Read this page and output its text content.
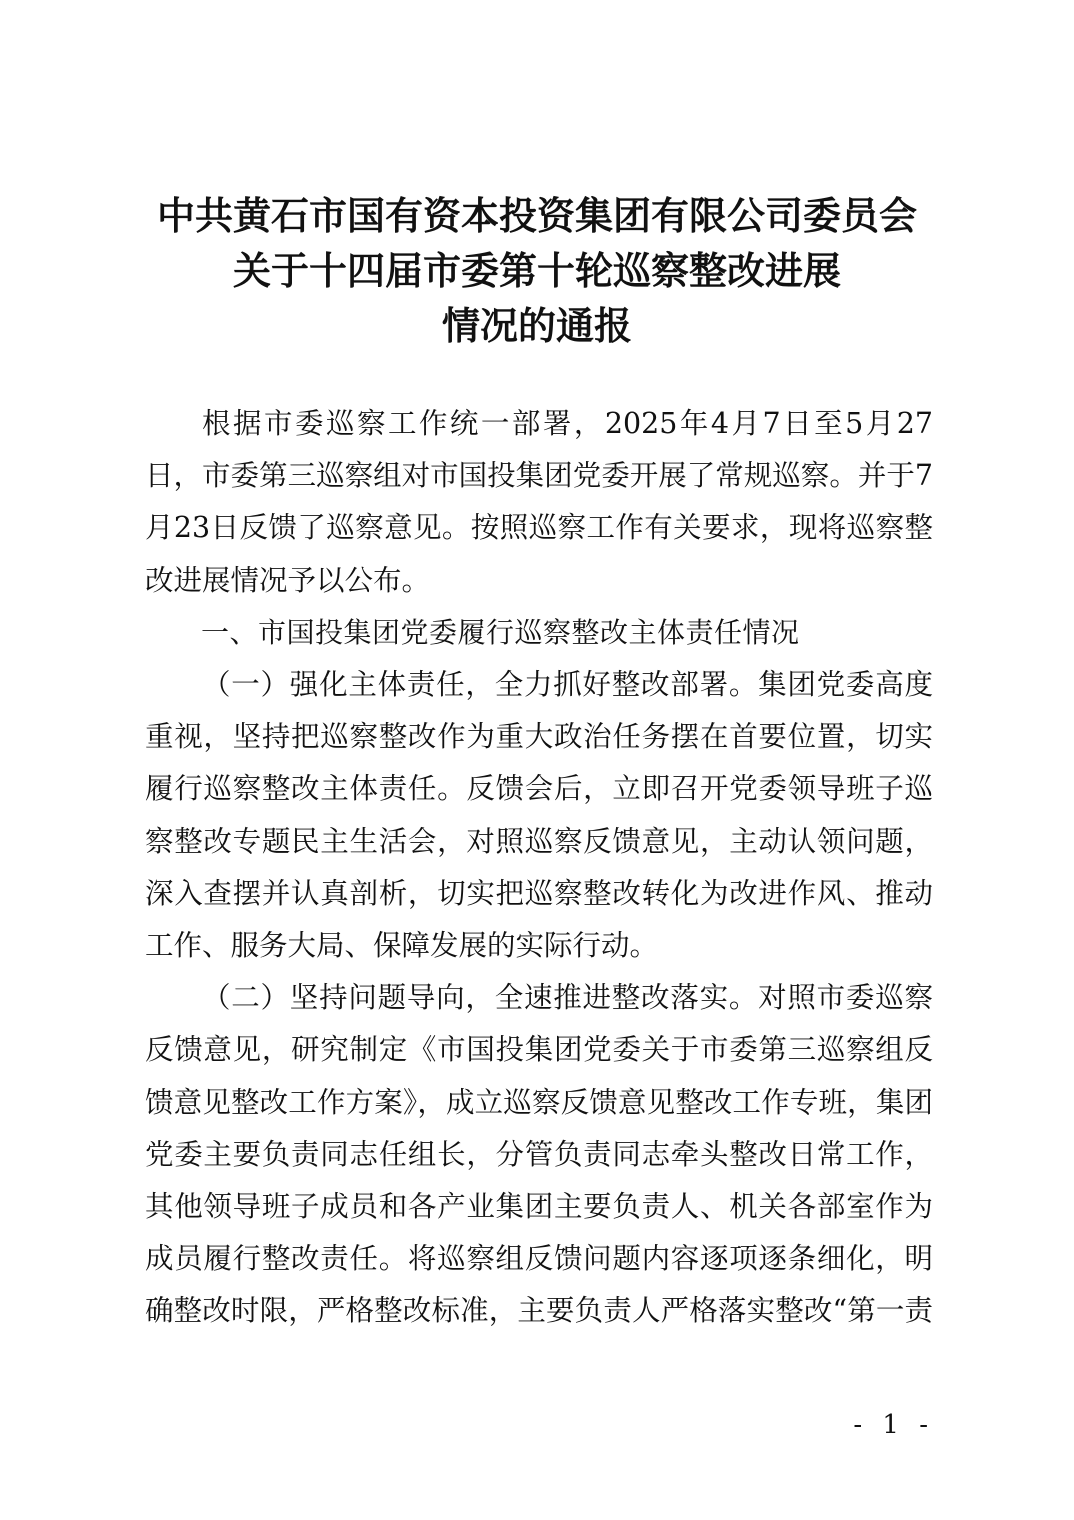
中共黄石市国有资本投资集团有限公司委员会
关于十四届市委第十轮巡察整改进展
情况的通报

根据市委巡察工作统一部署，2025年4月7日至5月27日，市委第三巡察组对市国投集团党委开展了常规巡察。并于7月23日反馈了巡察意见。按照巡察工作有关要求，现将巡察整改进展情况予以公布。

一、市国投集团党委履行巡察整改主体责任情况

（一）强化主体责任，全力抓好整改部署。集团党委高度重视，坚持把巡察整改作为重大政治任务摆在首要位置，切实履行巡察整改主体责任。反馈会后，立即召开党委领导班子巡察整改专题民主生活会，对照巡察反馈意见，主动认领问题，深入查摆并认真剖析，切实把巡察整改转化为改进作风、推动工作、服务大局、保障发展的实际行动。

（二）坚持问题导向，全速推进整改落实。对照市委巡察反馈意见，研究制定《市国投集团党委关于市委第三巡察组反馈意见整改工作方案》，成立巡察反馈意见整改工作专班，集团党委主要负责同志任组长，分管负责同志牵头整改日常工作，其他领导班子成员和各产业集团主要负责人、机关各部室作为成员履行整改责任。将巡察组反馈问题内容逐项逐条细化，明确整改时限，严格整改标准，主要负责人严格落实整改“第一责

- 1 -
